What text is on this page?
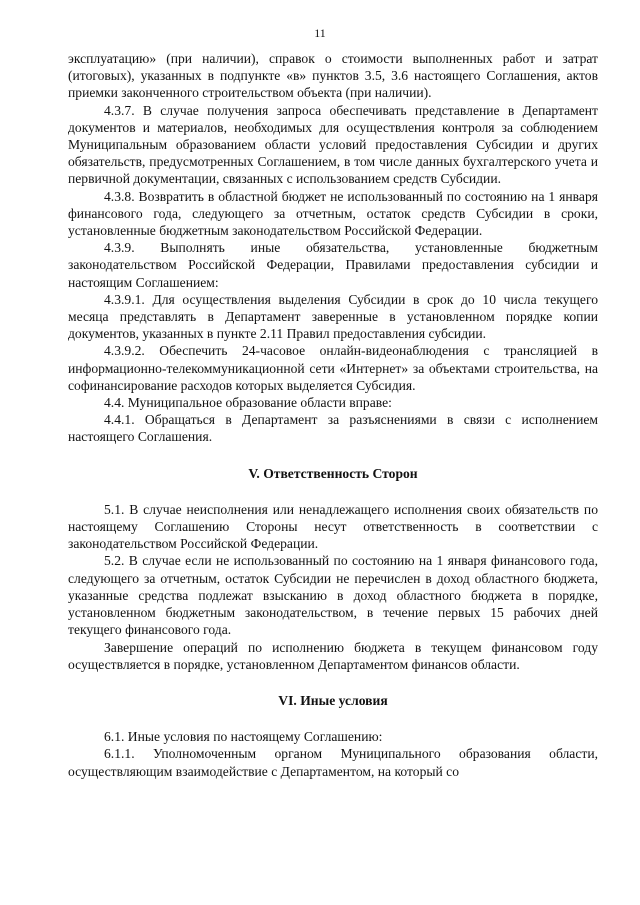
11

эксплуатацию» (при наличии), справок о стоимости выполненных работ и затрат (итоговых), указанных в подпункте «в» пунктов 3.5, 3.6 настоящего Соглашения, актов приемки законченного строительством объекта (при наличии).

4.3.7. В случае получения запроса обеспечивать представление в Департамент документов и материалов, необходимых для осуществления контроля за соблюдением Муниципальным образованием области условий предоставления Субсидии и других обязательств, предусмотренных Соглашением, в том числе данных бухгалтерского учета и первичной документации, связанных с использованием средств Субсидии.

4.3.8. Возвратить в областной бюджет не использованный по состоянию на 1 января финансового года, следующего за отчетным, остаток средств Субсидии в сроки, установленные бюджетным законодательством Российской Федерации.

4.3.9. Выполнять иные обязательства, установленные бюджетным законодательством Российской Федерации, Правилами предоставления субсидии и настоящим Соглашением:

4.3.9.1. Для осуществления выделения Субсидии в срок до 10 числа текущего месяца представлять в Департамент заверенные в установленном порядке копии документов, указанных в пункте 2.11 Правил предоставления субсидии.

4.3.9.2. Обеспечить 24-часовое онлайн-видеонаблюдения с трансляцией в информационно-телекоммуникационной сети «Интернет» за объектами строительства, на софинансирование расходов которых выделяется Субсидия.

4.4. Муниципальное образование области вправе:

4.4.1. Обращаться в Департамент за разъяснениями в связи с исполнением настоящего Соглашения.

V. Ответственность Сторон

5.1. В случае неисполнения или ненадлежащего исполнения своих обязательств по настоящему Соглашению Стороны несут ответственность в соответствии с законодательством Российской Федерации.

5.2. В случае если не использованный по состоянию на 1 января финансового года, следующего за отчетным, остаток Субсидии не перечислен в доход областного бюджета, указанные средства подлежат взысканию в доход областного бюджета в порядке, установленном бюджетным законодательством, в течение первых 15 рабочих дней текущего финансового года.

Завершение операций по исполнению бюджета в текущем финансовом году осуществляется в порядке, установленном Департаментом финансов области.

VI. Иные условия

6.1. Иные условия по настоящему Соглашению:

6.1.1. Уполномоченным органом Муниципального образования области, осуществляющим взаимодействие с Департаментом, на который со
